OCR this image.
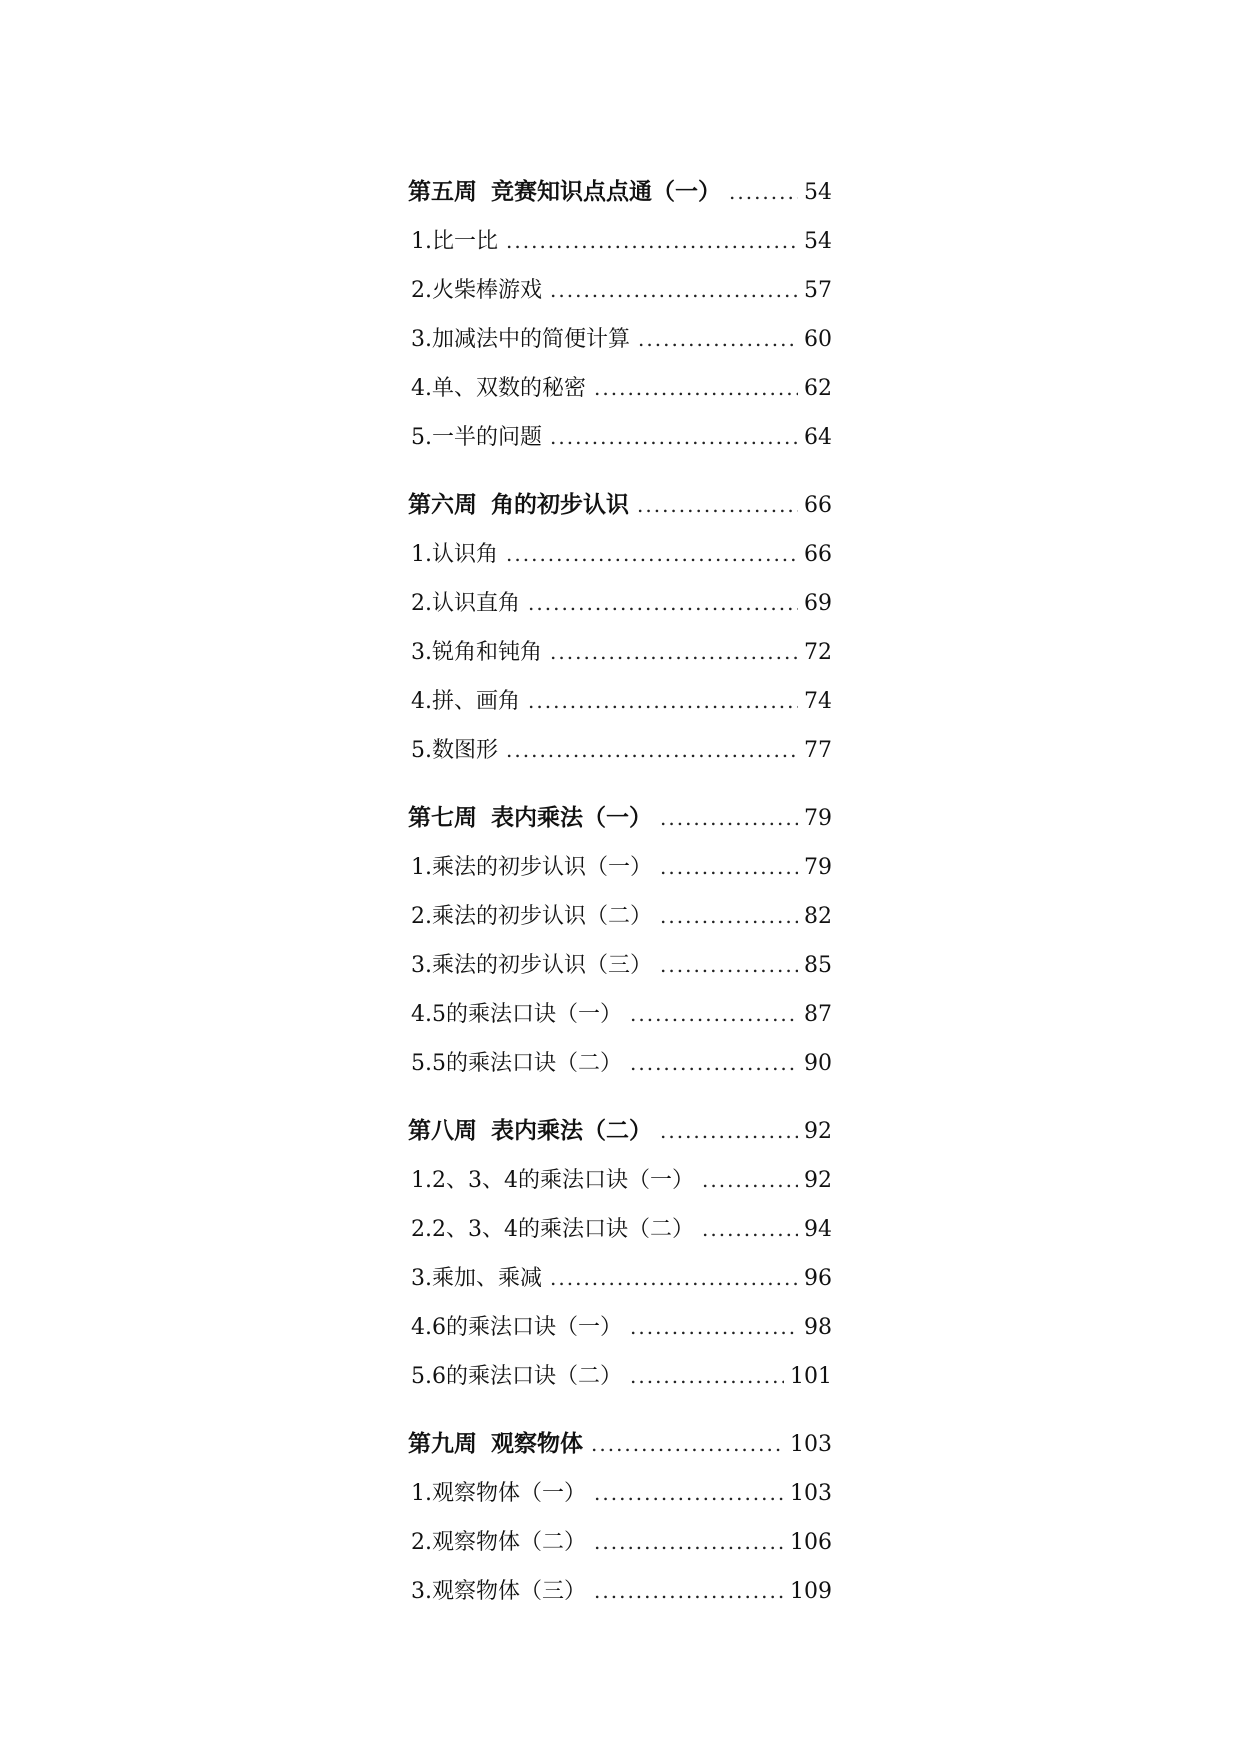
第五周 竞赛知识点点通（一） .....	54
1.比一比 .....	54
2.火柴棒游戏 .....	57
3.加减法中的简便计算 .....	60
4.单、双数的秘密 .....	62
5.一半的问题 .....	64
第六周 角的初步认识 .....	66
1.认识角 .....	66
2.认识直角 .....	69
3.锐角和钝角 .....	72
4.拼、画角 .....	74
5.数图形 .....	77
第七周 表内乘法（一） .....	79
1.乘法的初步认识（一） .....	79
2.乘法的初步认识（二） .....	82
3.乘法的初步认识（三） .....	85
4.5的乘法口诀（一） .....	87
5.5的乘法口诀（二） .....	90
第八周 表内乘法（二） .....	92
1.2、3、4的乘法口诀（一） .....	92
2.2、3、4的乘法口诀（二） .....	94
3.乘加、乘减 .....	96
4.6的乘法口诀（一） .....	98
5.6的乘法口诀（二） .....	101
第九周 观察物体 .....	103
1.观察物体（一） .....	103
2.观察物体（二） .....	106
3.观察物体（三） .....	109
